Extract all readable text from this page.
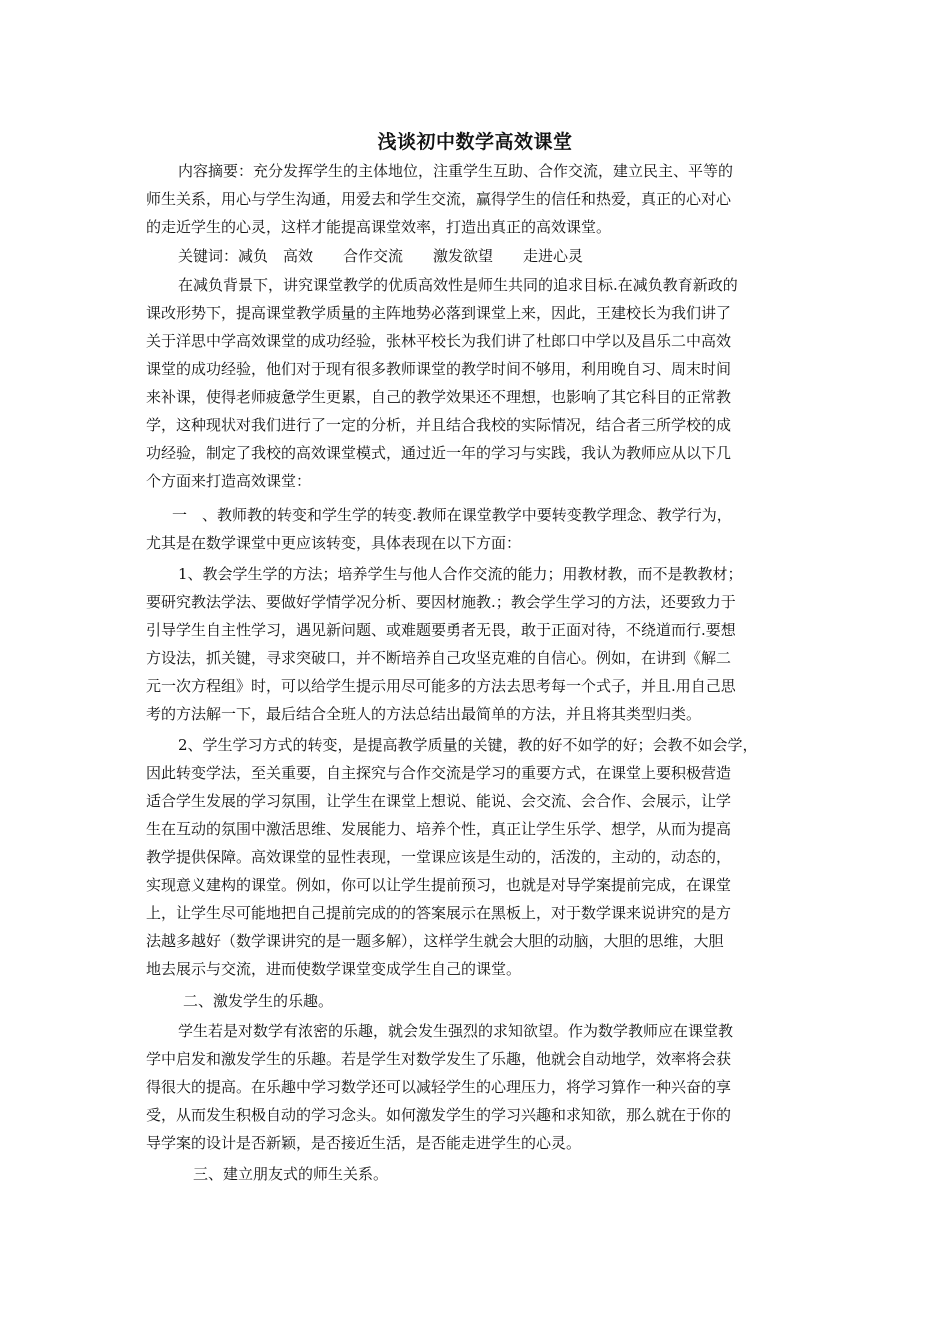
浅谈初中数学高效课堂
内容摘要：充分发挥学生的主体地位，注重学生互助、合作交流，建立民主、平等的
师生关系，用心与学生沟通，用爱去和学生交流，赢得学生的信任和热爱，真正的心对心
的走近学生的心灵，这样才能提高课堂效率，打造出真正的高效课堂。
关键词：减负　高效　　合作交流　　激发欲望　　走进心灵
在减负背景下，讲究课堂教学的优质高效性是师生共同的追求目标.在减负教育新政的
课改形势下，提高课堂教学质量的主阵地势必落到课堂上来，因此，王建校长为我们讲了
关于洋思中学高效课堂的成功经验，张林平校长为我们讲了杜郎口中学以及昌乐二中高效
课堂的成功经验，他们对于现有很多教师课堂的教学时间不够用，利用晚自习、周末时间
来补课，使得老师疲惫学生更累，自己的教学效果还不理想，也影响了其它科目的正常教
学，这种现状对我们进行了一定的分析，并且结合我校的实际情况，结合者三所学校的成
功经验，制定了我校的高效课堂模式，通过近一年的学习与实践，我认为教师应从以下几
个方面来打造高效课堂：
一　、教师教的转变和学生学的转变.教师在课堂教学中要转变教学理念、教学行为，
尤其是在数学课堂中更应该转变，具体表现在以下方面：
1、教会学生学的方法；培养学生与他人合作交流的能力；用教材教，而不是教教材；
要研究教法学法、要做好学情学况分析、要因材施教.；教会学生学习的方法，还要致力于
引导学生自主性学习，遇见新问题、或难题要勇者无畏，敢于正面对待，不绕道而行.要想
方设法，抓关键，寻求突破口，并不断培养自己攻坚克难的自信心。例如，在讲到《解二
元一次方程组》时，可以给学生提示用尽可能多的方法去思考每一个式子，并且.用自己思
考的方法解一下，最后结合全班人的方法总结出最简单的方法，并且将其类型归类。
2、学生学习方式的转变，是提高教学质量的关键，教的好不如学的好；会教不如会学，
因此转变学法，至关重要，自主探究与合作交流是学习的重要方式，在课堂上要积极营造
适合学生发展的学习氛围，让学生在课堂上想说、能说、会交流、会合作、会展示，让学
生在互动的氛围中激活思维、发展能力、培养个性，真正让学生乐学、想学，从而为提高
教学提供保障。高效课堂的显性表现，一堂课应该是生动的，活泼的，主动的，动态的，
实现意义建构的课堂。例如，你可以让学生提前预习，也就是对导学案提前完成，在课堂
上，让学生尽可能地把自己提前完成的的答案展示在黑板上，对于数学课来说讲究的是方
法越多越好（数学课讲究的是一题多解），这样学生就会大胆的动脑，大胆的思维，大胆
地去展示与交流，进而使数学课堂变成学生自己的课堂。
二、激发学生的乐趣。
学生若是对数学有浓密的乐趣，就会发生强烈的求知欲望。作为数学教师应在课堂教
学中启发和激发学生的乐趣。若是学生对数学发生了乐趣，他就会自动地学，效率将会获
得很大的提高。在乐趣中学习数学还可以减轻学生的心理压力，将学习算作一种兴奋的享
受，从而发生积极自动的学习念头。如何激发学生的学习兴趣和求知欲，那么就在于你的
导学案的设计是否新颖，是否接近生活，是否能走进学生的心灵。
三、建立朋友式的师生关系。
